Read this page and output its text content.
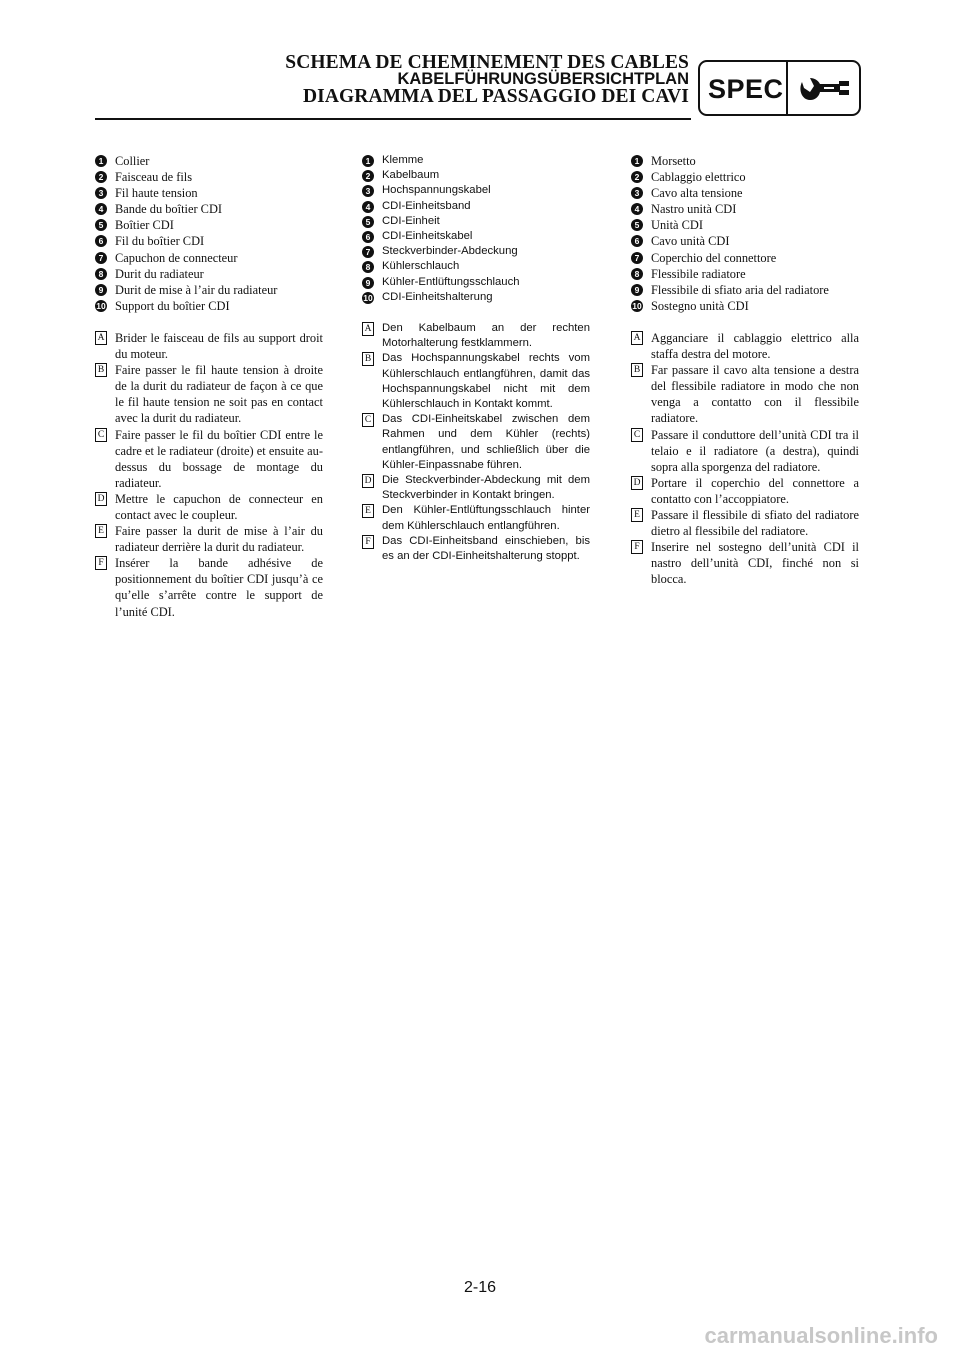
SCHEMA DE CHEMINEMENT DES CABLES
KABELFÜHRUNGSÜBERSICHTPLAN
DIAGRAMMA DEL PASSAGGIO DEI CAVI SPEC
1 Collier
2 Faisceau de fils
3 Fil haute tension
4 Bande du boîtier CDI
5 Boîtier CDI
6 Fil du boîtier CDI
7 Capuchon de connecteur
8 Durit du radiateur
9 Durit de mise à l’air du radiateur
10 Support du boîtier CDI
A Brider le faisceau de fils au support droit du moteur.
B Faire passer le fil haute tension à droite de la durit du radiateur de façon à ce que le fil haute tension ne soit pas en contact avec la durit du radiateur.
C Faire passer le fil du boîtier CDI entre le cadre et le radiateur (droite) et ensuite au-dessus du bossage de montage du radiateur.
D Mettre le capuchon de connecteur en contact avec le coupleur.
E Faire passer la durit de mise à l’air du radiateur derrière la durit du radiateur.
F Insérer la bande adhésive de positionnement du boîtier CDI jusqu’à ce qu’elle s’arrête contre le support de l’unité CDI.
1	Klemme
2	Kabelbaum
3	Hochspannungskabel
4	CDI-Einheitsband
5	CDI-Einheit
6	CDI-Einheitskabel
7	Steckverbinder-Abdeckung
8	Kühlerschlauch
9	Kühler-Entlüftungsschlauch
10 CDI-Einheitshalterung
A Den Kabelbaum an der rechten Motorhalterung festklammern.
B Das Hochspannungskabel rechts vom Kühlerschlauch entlangführen, damit das Hochspannungskabel nicht mit dem Kühlerschlauch in Kontakt kommt.
C Das CDI-Einheitskabel zwischen dem Rahmen und dem Kühler (rechts) entlangführen, und schließlich über die Kühler-Einpassnabe führen.
D Die Steckverbinder-Abdeckung mit dem Steckverbinder in Kontakt bringen.
E Den Kühler-Entlüftungsschlauch hinter dem Kühlerschlauch entlangführen.
F Das CDI-Einheitsband einschieben, bis es an der CDI-Einheitshalterung stoppt.
1 Morsetto
2 Cablaggio elettrico
3 Cavo alta tensione
4 Nastro unità CDI
5 Unità CDI
6 Cavo unità CDI
7 Coperchio del connettore
8 Flessibile radiatore
9 Flessibile di sfiato aria del radiatore
10 Sostegno unità CDI
A Agganciare il cablaggio elettrico alla staffa destra del motore.
B Far passare il cavo alta tensione a destra del flessibile radiatore in modo che non venga a contatto con il flessibile radiatore.
C Passare il conduttore dell’unità CDI tra il telaio e il radiatore (a destra), quindi sopra alla sporgenza del radiatore.
D Portare il coperchio del connettore a contatto con l’accoppiatore.
E Passare il flessibile di sfiato del radiatore dietro al flessibile del radiatore.
F Inserire nel sostegno dell’unità CDI il nastro dell’unità CDI, finché non si blocca.
2-16
carmanualsonline.info
